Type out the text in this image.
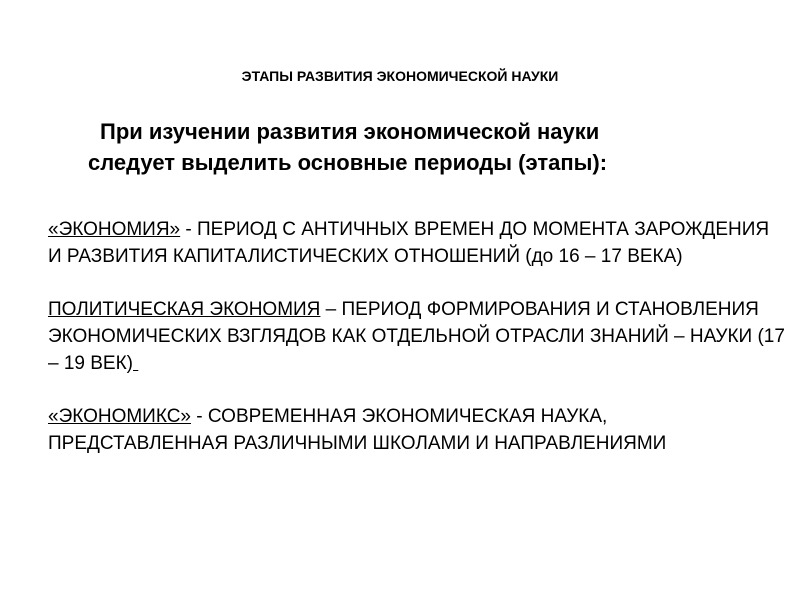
ЭТАПЫ РАЗВИТИЯ ЭКОНОМИЧЕСКОЙ НАУКИ
При изучении развития экономической науки
следует выделить основные периоды (этапы):

«ЭКОНОМИЯ» - ПЕРИОД С АНТИЧНЫХ ВРЕМЕН ДО МОМЕНТА ЗАРОЖДЕНИЯ И РАЗВИТИЯ КАПИТАЛИСТИЧЕСКИХ ОТНОШЕНИЙ (до 16 – 17 ВЕКА)

ПОЛИТИЧЕСКАЯ ЭКОНОМИЯ – ПЕРИОД ФОРМИРОВАНИЯ И СТАНОВЛЕНИЯ ЭКОНОМИЧЕСКИХ ВЗГЛЯДОВ КАК ОТДЕЛЬНОЙ ОТРАСЛИ ЗНАНИЙ – НАУКИ (17 – 19 ВЕК)

«ЭКОНОМИКС» - СОВРЕМЕННАЯ ЭКОНОМИЧЕСКАЯ НАУКА, ПРЕДСТАВЛЕННАЯ РАЗЛИЧНЫМИ ШКОЛАМИ И НАПРАВЛЕНИЯМИ
